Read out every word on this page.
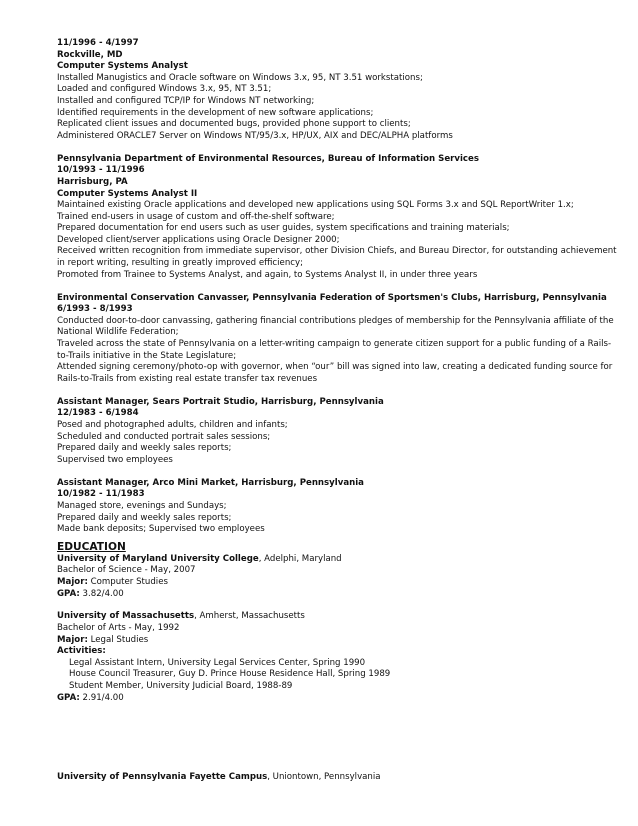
11/1996 - 4/1997
Rockville, MD
Computer Systems Analyst
Installed Manugistics and Oracle software on Windows 3.x, 95, NT 3.51 workstations;
Loaded and configured Windows 3.x, 95, NT 3.51;
Installed and configured TCP/IP for Windows NT networking;
Identified requirements in the development of new software applications;
Replicated client issues and documented bugs, provided phone support to clients;
Administered ORACLE7 Server on Windows NT/95/3.x, HP/UX, AIX and DEC/ALPHA platforms
Pennsylvania Department of Environmental Resources, Bureau of Information Services
10/1993 - 11/1996
Harrisburg, PA
Computer Systems Analyst II
Maintained existing Oracle applications and developed new applications using SQL Forms 3.x and SQL ReportWriter 1.x;
Trained end-users in usage of custom and off-the-shelf software;
Prepared documentation for end users such as user guides, system specifications and training materials;
Developed client/server applications using Oracle Designer 2000;
Received written recognition from immediate supervisor, other Division Chiefs, and Bureau Director, for outstanding achievement in report writing, resulting in greatly improved efficiency;
Promoted from Trainee to Systems Analyst, and again, to Systems Analyst II, in under three years
Environmental Conservation Canvasser, Pennsylvania Federation of Sportsmen's Clubs, Harrisburg, Pennsylvania
6/1993 - 8/1993
Conducted door-to-door canvassing, gathering financial contributions pledges of membership for the Pennsylvania affiliate of the National Wildlife Federation;
Traveled across the state of Pennsylvania on a letter-writing campaign to generate citizen support for a public funding of a Rails-to-Trails initiative in the State Legislature;
Attended signing ceremony/photo-op with governor, when “our” bill was signed into law, creating a dedicated funding source for Rails-to-Trails from existing real estate transfer tax revenues
Assistant Manager, Sears Portrait Studio, Harrisburg, Pennsylvania
12/1983 - 6/1984
Posed and photographed adults, children and infants;
Scheduled and conducted portrait sales sessions;
Prepared daily and weekly sales reports;
Supervised two employees
Assistant Manager, Arco Mini Market, Harrisburg, Pennsylvania
10/1982 - 11/1983
Managed store, evenings and Sundays;
Prepared daily and weekly sales reports;
Made bank deposits; Supervised two employees
EDUCATION
University of Maryland University College, Adelphi, Maryland
Bachelor of Science - May, 2007
Major: Computer Studies
GPA: 3.82/4.00
University of Massachusetts, Amherst, Massachusetts
Bachelor of Arts - May, 1992
Major: Legal Studies
Activities:
Legal Assistant Intern, University Legal Services Center, Spring 1990
House Council Treasurer, Guy D. Prince House Residence Hall, Spring 1989
Student Member, University Judicial Board, 1988-89
GPA: 2.91/4.00
University of Pennsylvania Fayette Campus, Uniontown, Pennsylvania
